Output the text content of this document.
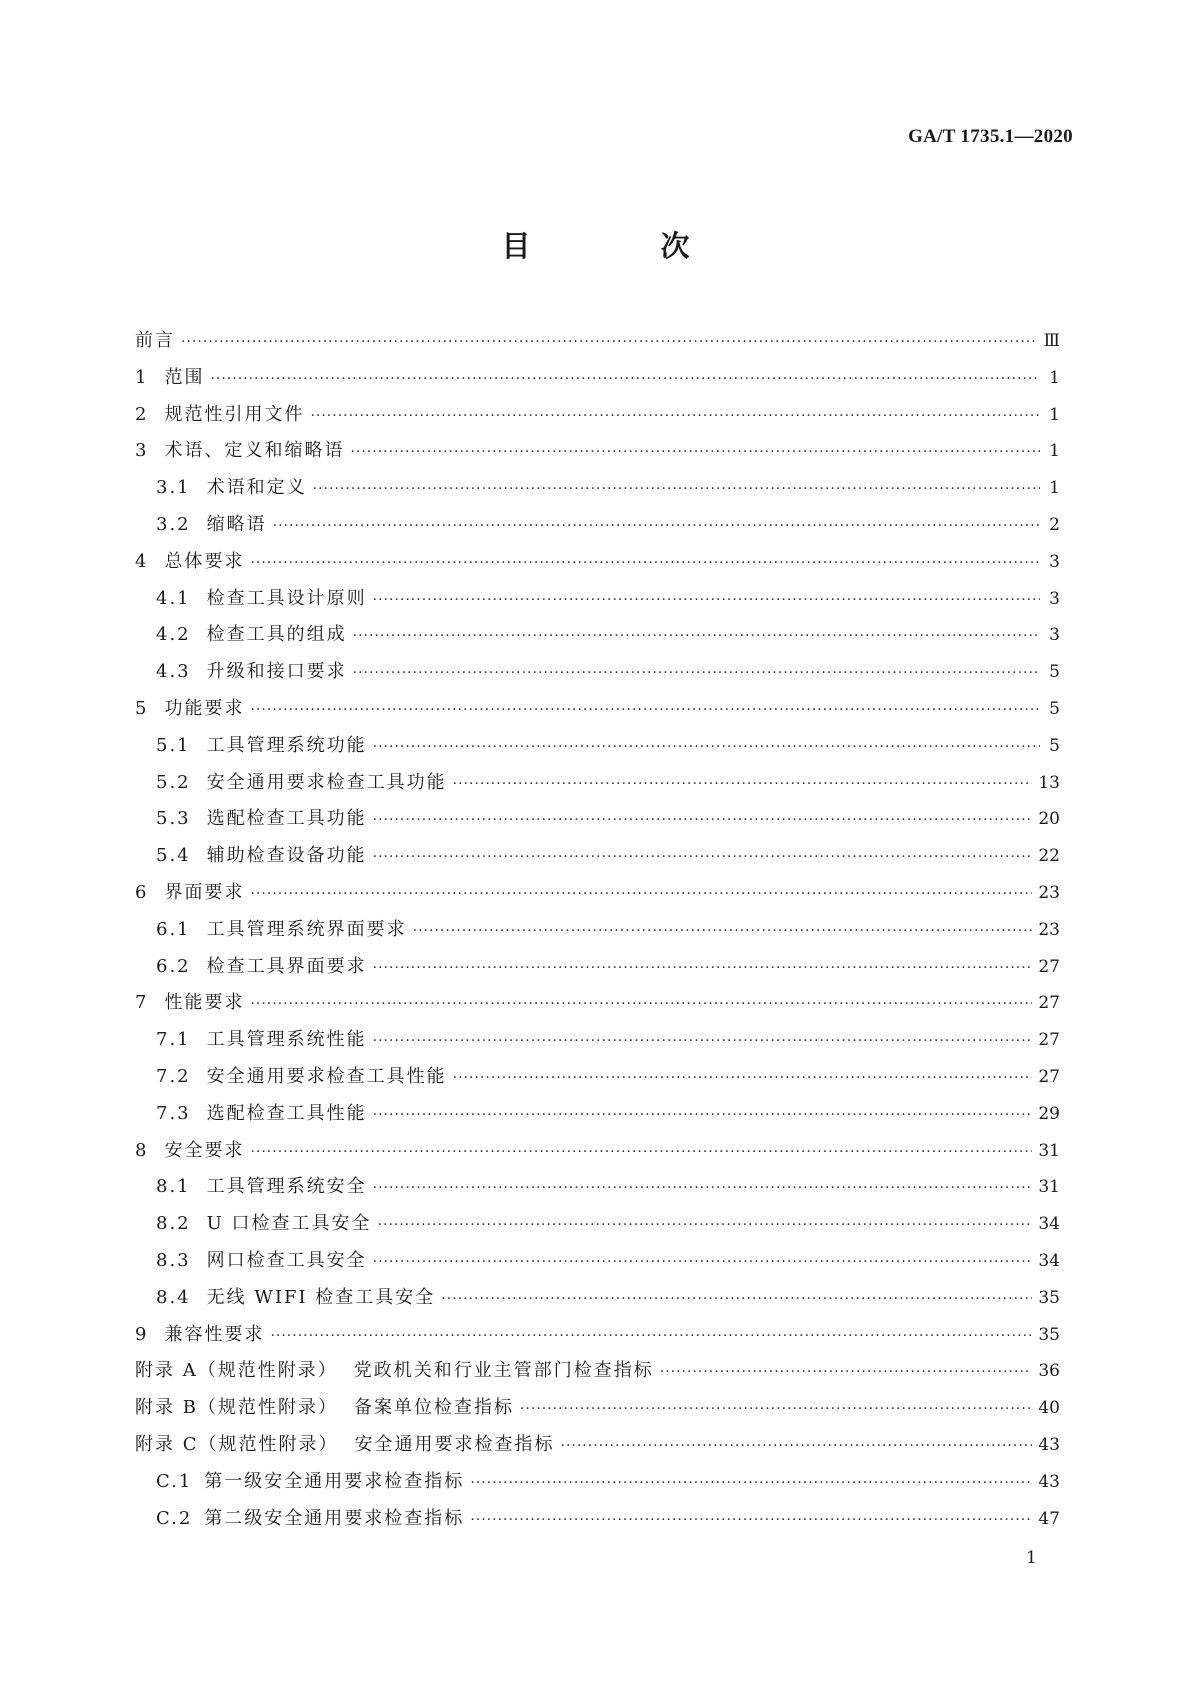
GA/T 1735.1—2020
目 次
前言 ·····	Ⅲ
1 范围 ·····	1
2 规范性引用文件 ·····	1
3 术语、定义和缩略语 ·····	1
3.1 术语和定义 ·····	1
3.2 缩略语 ·····	2
4 总体要求 ·····	3
4.1 检查工具设计原则 ·····	3
4.2 检查工具的组成 ·····	3
4.3 升级和接口要求 ·····	5
5 功能要求 ·····	5
5.1 工具管理系统功能 ·····	5
5.2 安全通用要求检查工具功能 ·····	13
5.3 选配检查工具功能 ·····	20
5.4 辅助检查设备功能 ·····	22
6 界面要求 ·····	23
6.1 工具管理系统界面要求 ·····	23
6.2 检查工具界面要求 ·····	27
7 性能要求 ·····	27
7.1 工具管理系统性能 ·····	27
7.2 安全通用要求检查工具性能 ·····	27
7.3 选配检查工具性能 ·····	29
8 安全要求 ·····	31
8.1 工具管理系统安全 ·····	31
8.2 U 口检查工具安全 ·····	34
8.3 网口检查工具安全 ·····	34
8.4 无线 WIFI 检查工具安全 ·····	35
9 兼容性要求 ·····	35
附录 A（规范性附录） 党政机关和行业主管部门检查指标 ·····	36
附录 B（规范性附录） 备案单位检查指标 ·····	40
附录 C（规范性附录） 安全通用要求检查指标 ·····	43
C.1 第一级安全通用要求检查指标 ·····	43
C.2 第二级安全通用要求检查指标 ·····	47
1
